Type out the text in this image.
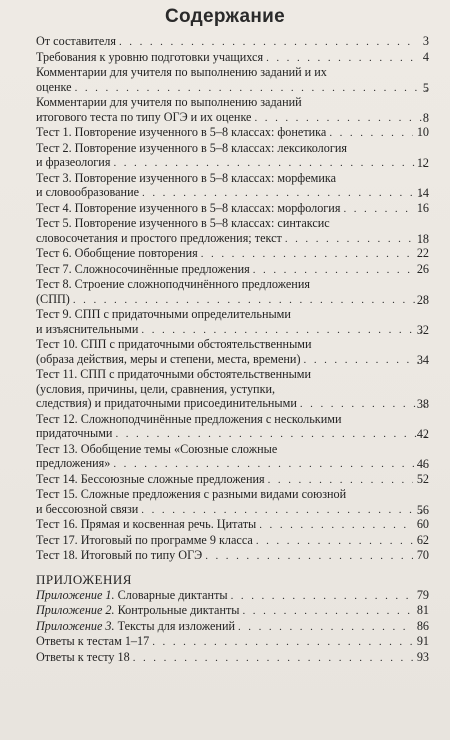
Содержание
От составителя . . .	3
Требования к уровню подготовки учащихся . . .	4
Комментарии для учителя по выполнению заданий и их
оценке . . .	5
Комментарии для учителя по выполнению заданий
итогового теста по типу ОГЭ и их оценке . . .	8
Тест 1. Повторение изученного в 5–8 классах: фонетика . . .	10
Тест 2. Повторение изученного в 5–8 классах: лексикология
и фразеология . . .	12
Тест 3. Повторение изученного в 5–8 классах: морфемика
и словообразование . . .	14
Тест 4. Повторение изученного в 5–8 классах: морфология . . .	16
Тест 5. Повторение изученного в 5–8 классах: синтаксис
словосочетания и простого предложения; текст . . .	18
Тест 6. Обобщение повторения . . .	22
Тест 7. Сложносочинённые предложения . . .	26
Тест 8. Строение сложноподчинённого предложения
(СПП) . . .	28
Тест 9. СПП с придаточными определительными
и изъяснительными . . .	32
Тест 10. СПП с придаточными обстоятельственными
(образа действия, меры и степени, места, времени) . . .	34
Тест 11. СПП с придаточными обстоятельственными
(условия, причины, цели, сравнения, уступки,
следствия) и придаточными присоединительными . . .	38
Тест 12. Сложноподчинённые предложения с несколькими
придаточными . . .	42
Тест 13. Обобщение темы «Союзные сложные
предложения» . . .	46
Тест 14. Бессоюзные сложные предложения . . .	52
Тест 15. Сложные предложения с разными видами союзной
и бессоюзной связи . . .	56
Тест 16. Прямая и косвенная речь. Цитаты . . .	60
Тест 17. Итоговый по программе 9 класса . . .	62
Тест 18. Итоговый по типу ОГЭ . . .	70
ПРИЛОЖЕНИЯ
Приложение 1. Словарные диктанты . . .	79
Приложение 2. Контрольные диктанты . . .	81
Приложение 3. Тексты для изложений . . .	86
Ответы к тестам 1–17 . . .	91
Ответы к тесту 18 . . .	93
